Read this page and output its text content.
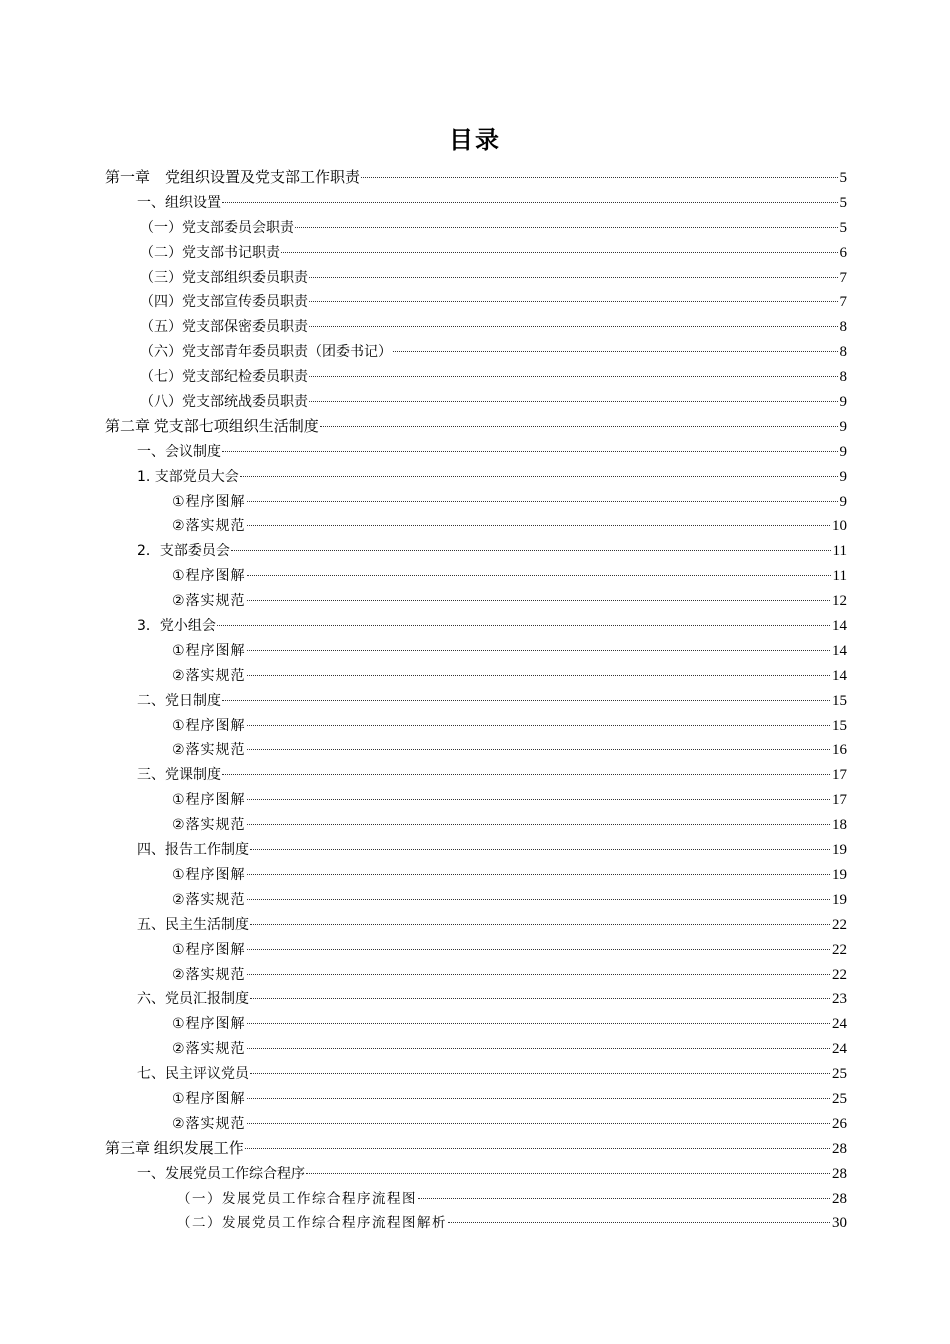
目录
第一章　党组织设置及党支部工作职责	5
一、组织设置	5
（一）党支部委员会职责	5
（二）党支部书记职责	6
（三）党支部组织委员职责	7
（四）党支部宣传委员职责	7
（五）党支部保密委员职责	8
（六）党支部青年委员职责（团委书记）	8
（七）党支部纪检委员职责	8
（八）党支部统战委员职责	9
第二章 党支部七项组织生活制度	9
一、会议制度	9
1. 支部党员大会	9
①程序图解	9
②落实规范	10
2．支部委员会	11
①程序图解	11
②落实规范	12
3．党小组会	14
①程序图解	14
②落实规范	14
二、党日制度	15
①程序图解	15
②落实规范	16
三、党课制度	17
①程序图解	17
②落实规范	18
四、报告工作制度	19
①程序图解	19
②落实规范	19
五、民主生活制度	22
①程序图解	22
②落实规范	22
六、党员汇报制度	23
①程序图解	24
②落实规范	24
七、民主评议党员	25
①程序图解	25
②落实规范	26
第三章 组织发展工作	28
一、发展党员工作综合程序	28
（一）发展党员工作综合程序流程图	28
（二）发展党员工作综合程序流程图解析	30
